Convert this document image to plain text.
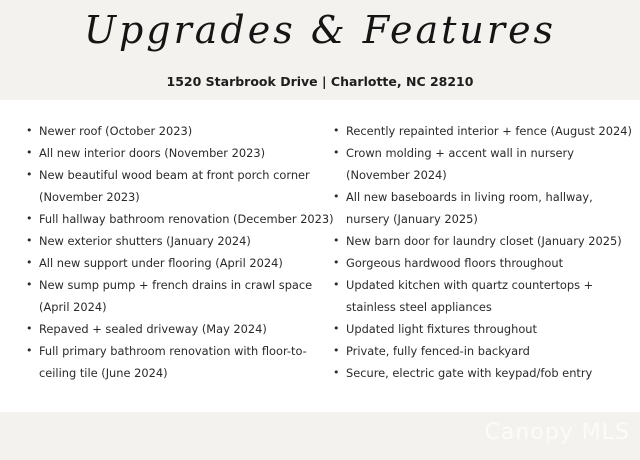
Upgrades & Features
1520 Starbrook Drive | Charlotte, NC 28210
• Newer roof (October 2023)
• All new interior doors (November 2023)
• New beautiful wood beam at front porch corner
(November 2023)
• Full hallway bathroom renovation (December 2023)
• New exterior shutters (January 2024)
• All new support under flooring (April 2024)
• New sump pump + french drains in crawl space
(April 2024)
• Repaved + sealed driveway (May 2024)
• Full primary bathroom renovation with floor-to-
ceiling tile (June 2024)
• Recently repainted interior + fence (August 2024)
• Crown molding + accent wall in nursery
(November 2024)
• All new baseboards in living room, hallway,
nursery (January 2025)
• New barn door for laundry closet (January 2025)
• Gorgeous hardwood floors throughout
• Updated kitchen with quartz countertops +
stainless steel appliances
• Updated light fixtures throughout
• Private, fully fenced-in backyard
• Secure, electric gate with keypad/fob entry
Canopy MLS
